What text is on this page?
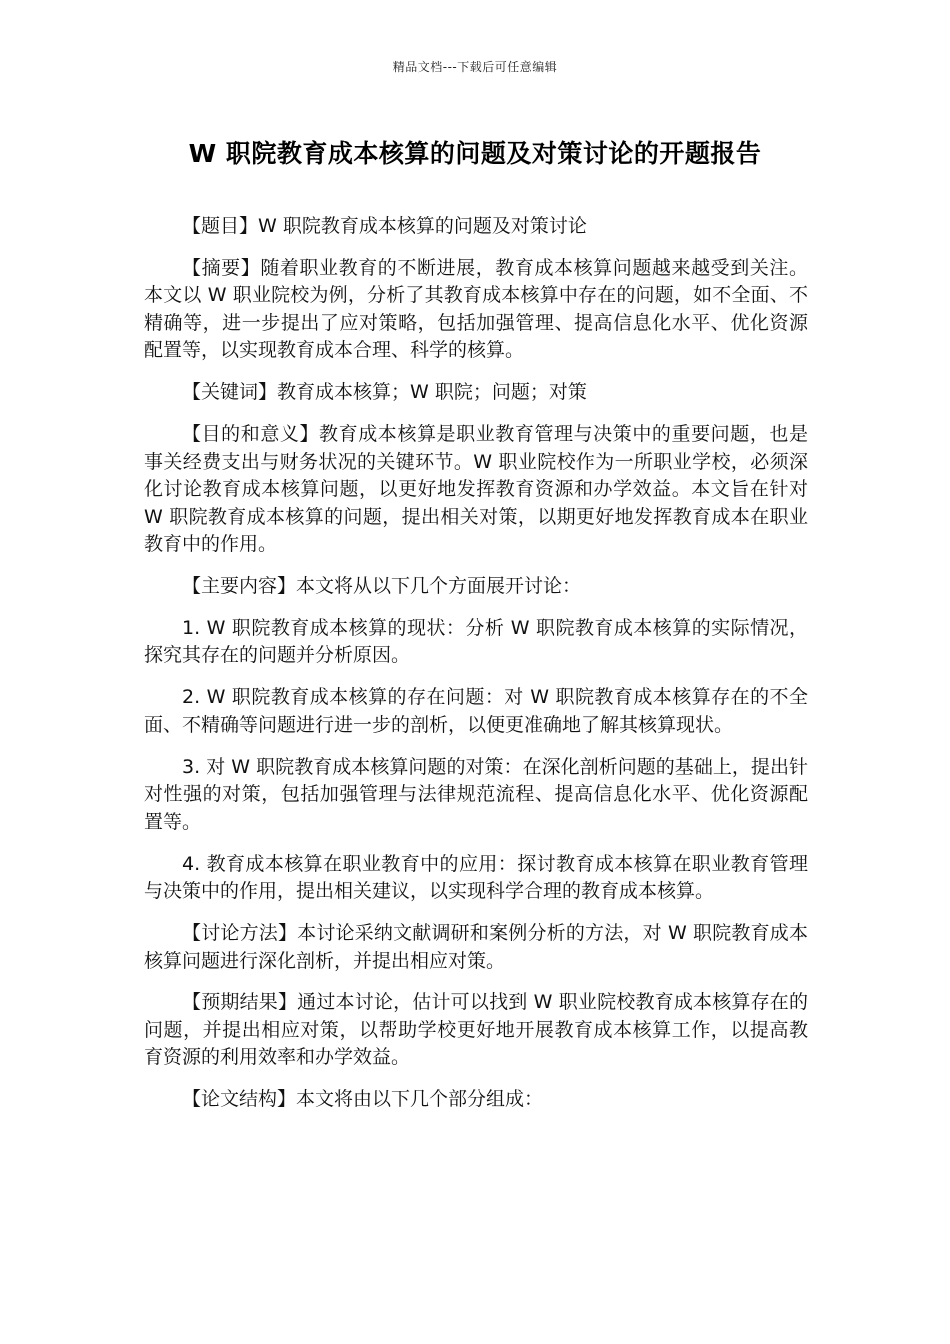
精品文档---下载后可任意编辑
W 职院教育成本核算的问题及对策讨论的开题报告

【题目】W 职院教育成本核算的问题及对策讨论

【摘要】随着职业教育的不断进展，教育成本核算问题越来越受到关注。本文以 W 职业院校为例，分析了其教育成本核算中存在的问题，如不全面、不精确等，进一步提出了应对策略，包括加强管理、提高信息化水平、优化资源配置等，以实现教育成本合理、科学的核算。

【关键词】教育成本核算；W 职院；问题；对策

【目的和意义】教育成本核算是职业教育管理与决策中的重要问题，也是事关经费支出与财务状况的关键环节。W 职业院校作为一所职业学校，必须深化讨论教育成本核算问题，以更好地发挥教育资源和办学效益。本文旨在针对 W 职院教育成本核算的问题，提出相关对策，以期更好地发挥教育成本在职业教育中的作用。

【主要内容】本文将从以下几个方面展开讨论：

1. W 职院教育成本核算的现状：分析 W 职院教育成本核算的实际情况，探究其存在的问题并分析原因。

2. W 职院教育成本核算的存在问题：对 W 职院教育成本核算存在的不全面、不精确等问题进行进一步的剖析，以便更准确地了解其核算现状。

3. 对 W 职院教育成本核算问题的对策：在深化剖析问题的基础上，提出针对性强的对策，包括加强管理与法律规范流程、提高信息化水平、优化资源配置等。

4. 教育成本核算在职业教育中的应用：探讨教育成本核算在职业教育管理与决策中的作用，提出相关建议，以实现科学合理的教育成本核算。

【讨论方法】本讨论采纳文献调研和案例分析的方法，对 W 职院教育成本核算问题进行深化剖析，并提出相应对策。

【预期结果】通过本讨论，估计可以找到 W 职业院校教育成本核算存在的问题，并提出相应对策，以帮助学校更好地开展教育成本核算工作，以提高教育资源的利用效率和办学效益。

【论文结构】本文将由以下几个部分组成：
